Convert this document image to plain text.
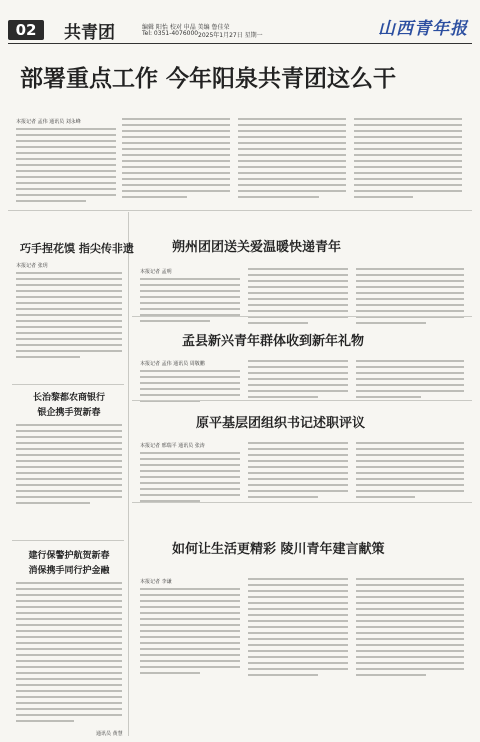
02	共青团	编辑 阳怡 校对 申晶 美编 鲁佳荣
Tel: 0351-4076000 2025年1月27日 星期一	山西青年报
部署重点工作 今年阳泉共青团这么干
本报记者 孟伟 通讯员 刘永峰
巧手捏花馍 指尖传非遗
本报记者 张玥
长治黎都农商银行
银企携手贺新春
建行保警护航贺新春
消保携手同行护金融
通讯员 黄慧
朔州团团送关爱温暖快递青年
本报记者 孟明
孟县新兴青年群体收到新年礼物
本报记者 孟伟 通讯员 周敬鹏
原平基层团组织书记述职评议
本报记者 邢瑞平 通讯员 张涛
如何让生活更精彩 陵川青年建言献策
本报记者 李谦
